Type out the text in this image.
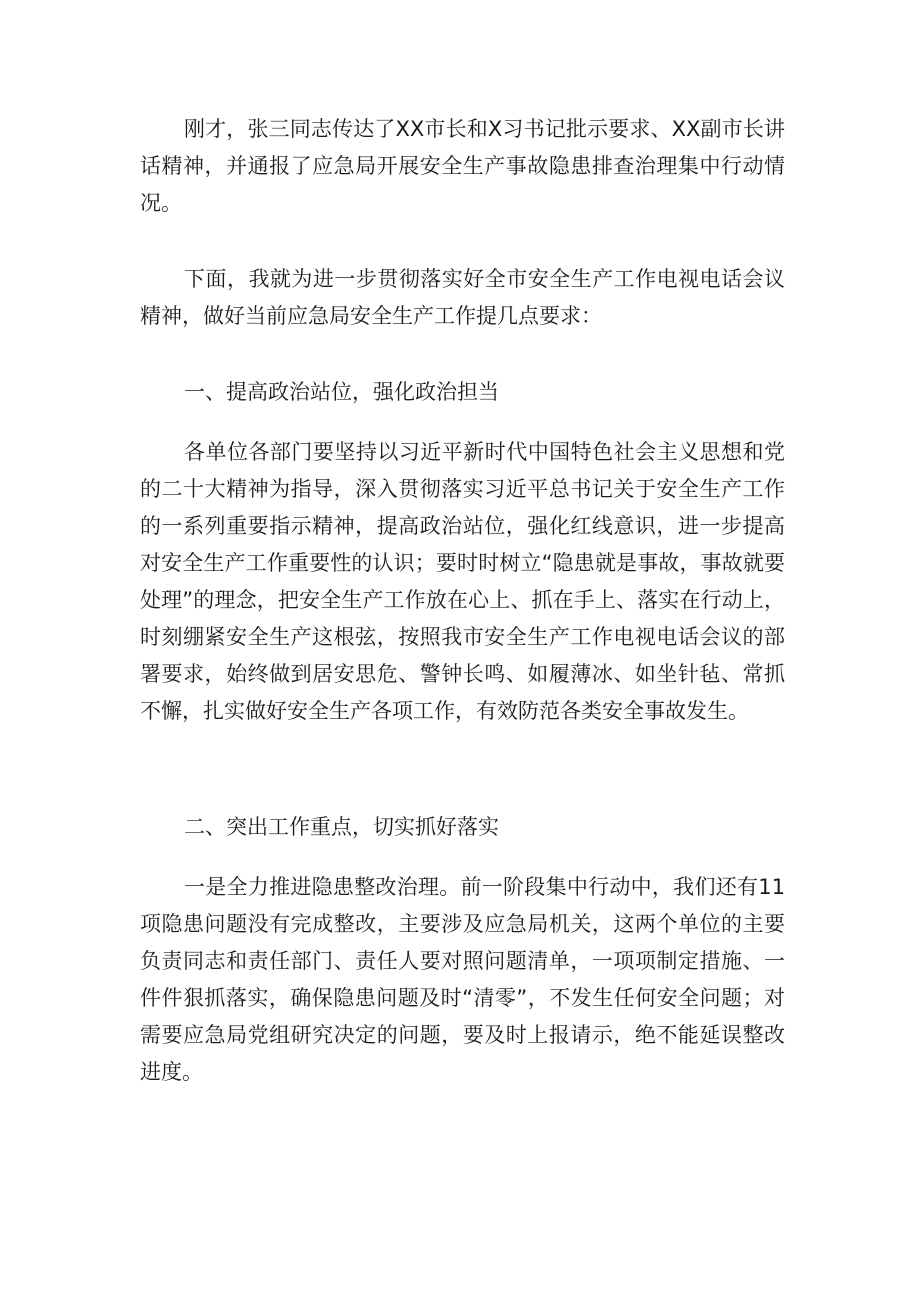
刚才，张三同志传达了XX市长和X习书记批示要求、XX副市长讲话精神，并通报了应急局开展安全生产事故隐患排查治理集中行动情况。

下面，我就为进一步贯彻落实好全市安全生产工作电视电话会议精神，做好当前应急局安全生产工作提几点要求：

一、提高政治站位，强化政治担当

各单位各部门要坚持以习近平新时代中国特色社会主义思想和党的二十大精神为指导，深入贯彻落实习近平总书记关于安全生产工作的一系列重要指示精神，提高政治站位，强化红线意识，进一步提高对安全生产工作重要性的认识；要时时树立“隐患就是事故，事故就要处理”的理念，把安全生产工作放在心上、抓在手上、落实在行动上，时刻绷紧安全生产这根弦，按照我市安全生产工作电视电话会议的部署要求，始终做到居安思危、警钟长鸣、如履薄冰、如坐针毡、常抓不懈，扎实做好安全生产各项工作，有效防范各类安全事故发生。

二、突出工作重点，切实抓好落实

一是全力推进隐患整改治理。前一阶段集中行动中，我们还有11项隐患问题没有完成整改，主要涉及应急局机关，这两个单位的主要负责同志和责任部门、责任人要对照问题清单，一项项制定措施、一件件狠抓落实，确保隐患问题及时“清零”，不发生任何安全问题；对需要应急局党组研究决定的问题，要及时上报请示，绝不能延误整改进度。
